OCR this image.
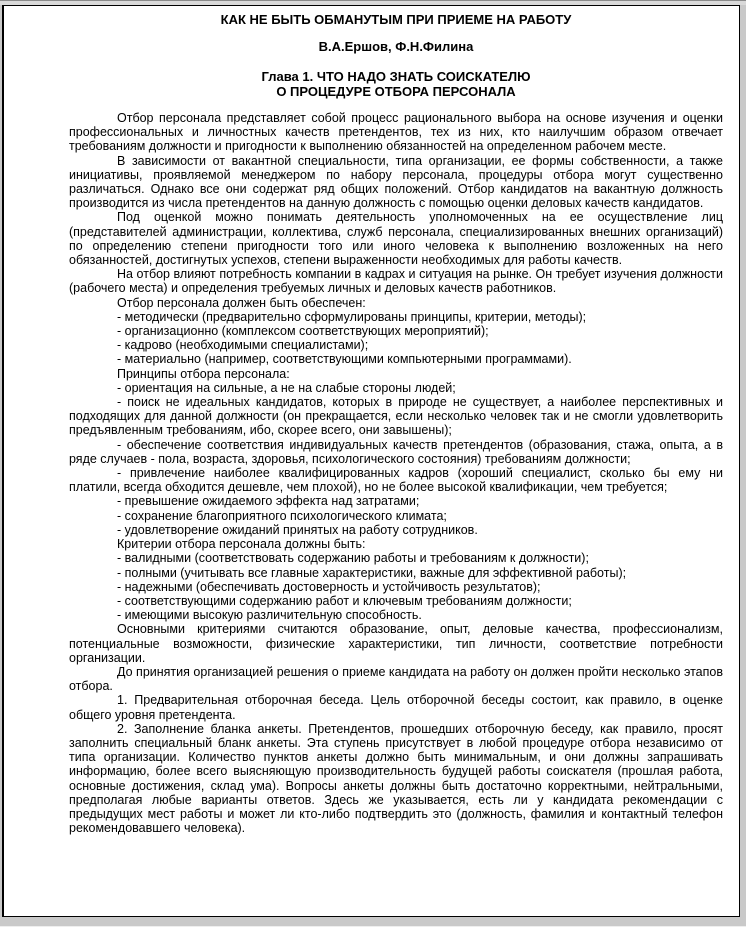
КАК НЕ БЫТЬ ОБМАНУТЫМ ПРИ ПРИЕМЕ НА РАБОТУ
В.А.Ершов, Ф.Н.Филина
Глава 1. ЧТО НАДО ЗНАТЬ СОИСКАТЕЛЮ
О ПРОЦЕДУРЕ ОТБОРА ПЕРСОНАЛА

Отбор персонала представляет собой процесс рационального выбора на основе изучения и оценки профессиональных и личностных качеств претендентов, тех из них, кто наилучшим образом отвечает требованиям должности и пригодности к выполнению обязанностей на определенном рабочем месте.

В зависимости от вакантной специальности, типа организации, ее формы собственности, а также инициативы, проявляемой менеджером по набору персонала, процедуры отбора могут существенно различаться. Однако все они содержат ряд общих положений. Отбор кандидатов на вакантную должность производится из числа претендентов на данную должность с помощью оценки деловых качеств кандидатов.

Под оценкой можно понимать деятельность уполномоченных на ее осуществление лиц (представителей администрации, коллектива, служб персонала, специализированных внешних организаций) по определению степени пригодности того или иного человека к выполнению возложенных на него обязанностей, достигнутых успехов, степени выраженности необходимых для работы качеств.

На отбор влияют потребность компании в кадрах и ситуация на рынке. Он требует изучения должности (рабочего места) и определения требуемых личных и деловых качеств работников.

Отбор персонала должен быть обеспечен:

- методически (предварительно сформулированы принципы, критерии, методы);

- организационно (комплексом соответствующих мероприятий);

- кадрово (необходимыми специалистами);

- материально (например, соответствующими компьютерными программами).

Принципы отбора персонала:

- ориентация на сильные, а не на слабые стороны людей;

- поиск не идеальных кандидатов, которых в природе не существует, а наиболее перспективных и подходящих для данной должности (он прекращается, если несколько человек так и не смогли удовлетворить предъявленным требованиям, ибо, скорее всего, они завышены);

- обеспечение соответствия индивидуальных качеств претендентов (образования, стажа, опыта, а в ряде случаев - пола, возраста, здоровья, психологического состояния) требованиям должности;

- привлечение наиболее квалифицированных кадров (хороший специалист, сколько бы ему ни платили, всегда обходится дешевле, чем плохой), но не более высокой квалификации, чем требуется;

- превышение ожидаемого эффекта над затратами;

- сохранение благоприятного психологического климата;

- удовлетворение ожиданий принятых на работу сотрудников.

Критерии отбора персонала должны быть:

- валидными (соответствовать содержанию работы и требованиям к должности);

- полными (учитывать все главные характеристики, важные для эффективной работы);

- надежными (обеспечивать достоверность и устойчивость результатов);

- соответствующими содержанию работ и ключевым требованиям должности;

- имеющими высокую различительную способность.

Основными критериями считаются образование, опыт, деловые качества, профессионализм, потенциальные возможности, физические характеристики, тип личности, соответствие потребности организации.

До принятия организацией решения о приеме кандидата на работу он должен пройти несколько этапов отбора.

1. Предварительная отборочная беседа. Цель отборочной беседы состоит, как правило, в оценке общего уровня претендента.

2. Заполнение бланка анкеты. Претендентов, прошедших отборочную беседу, как правило, просят заполнить специальный бланк анкеты. Эта ступень присутствует в любой процедуре отбора независимо от типа организации. Количество пунктов анкеты должно быть минимальным, и они должны запрашивать информацию, более всего выясняющую производительность будущей работы соискателя (прошлая работа, основные достижения, склад ума). Вопросы анкеты должны быть достаточно корректными, нейтральными, предполагая любые варианты ответов. Здесь же указывается, есть ли у кандидата рекомендации с предыдущих мест работы и может ли кто-либо подтвердить это (должность, фамилия и контактный телефон рекомендовавшего человека).
